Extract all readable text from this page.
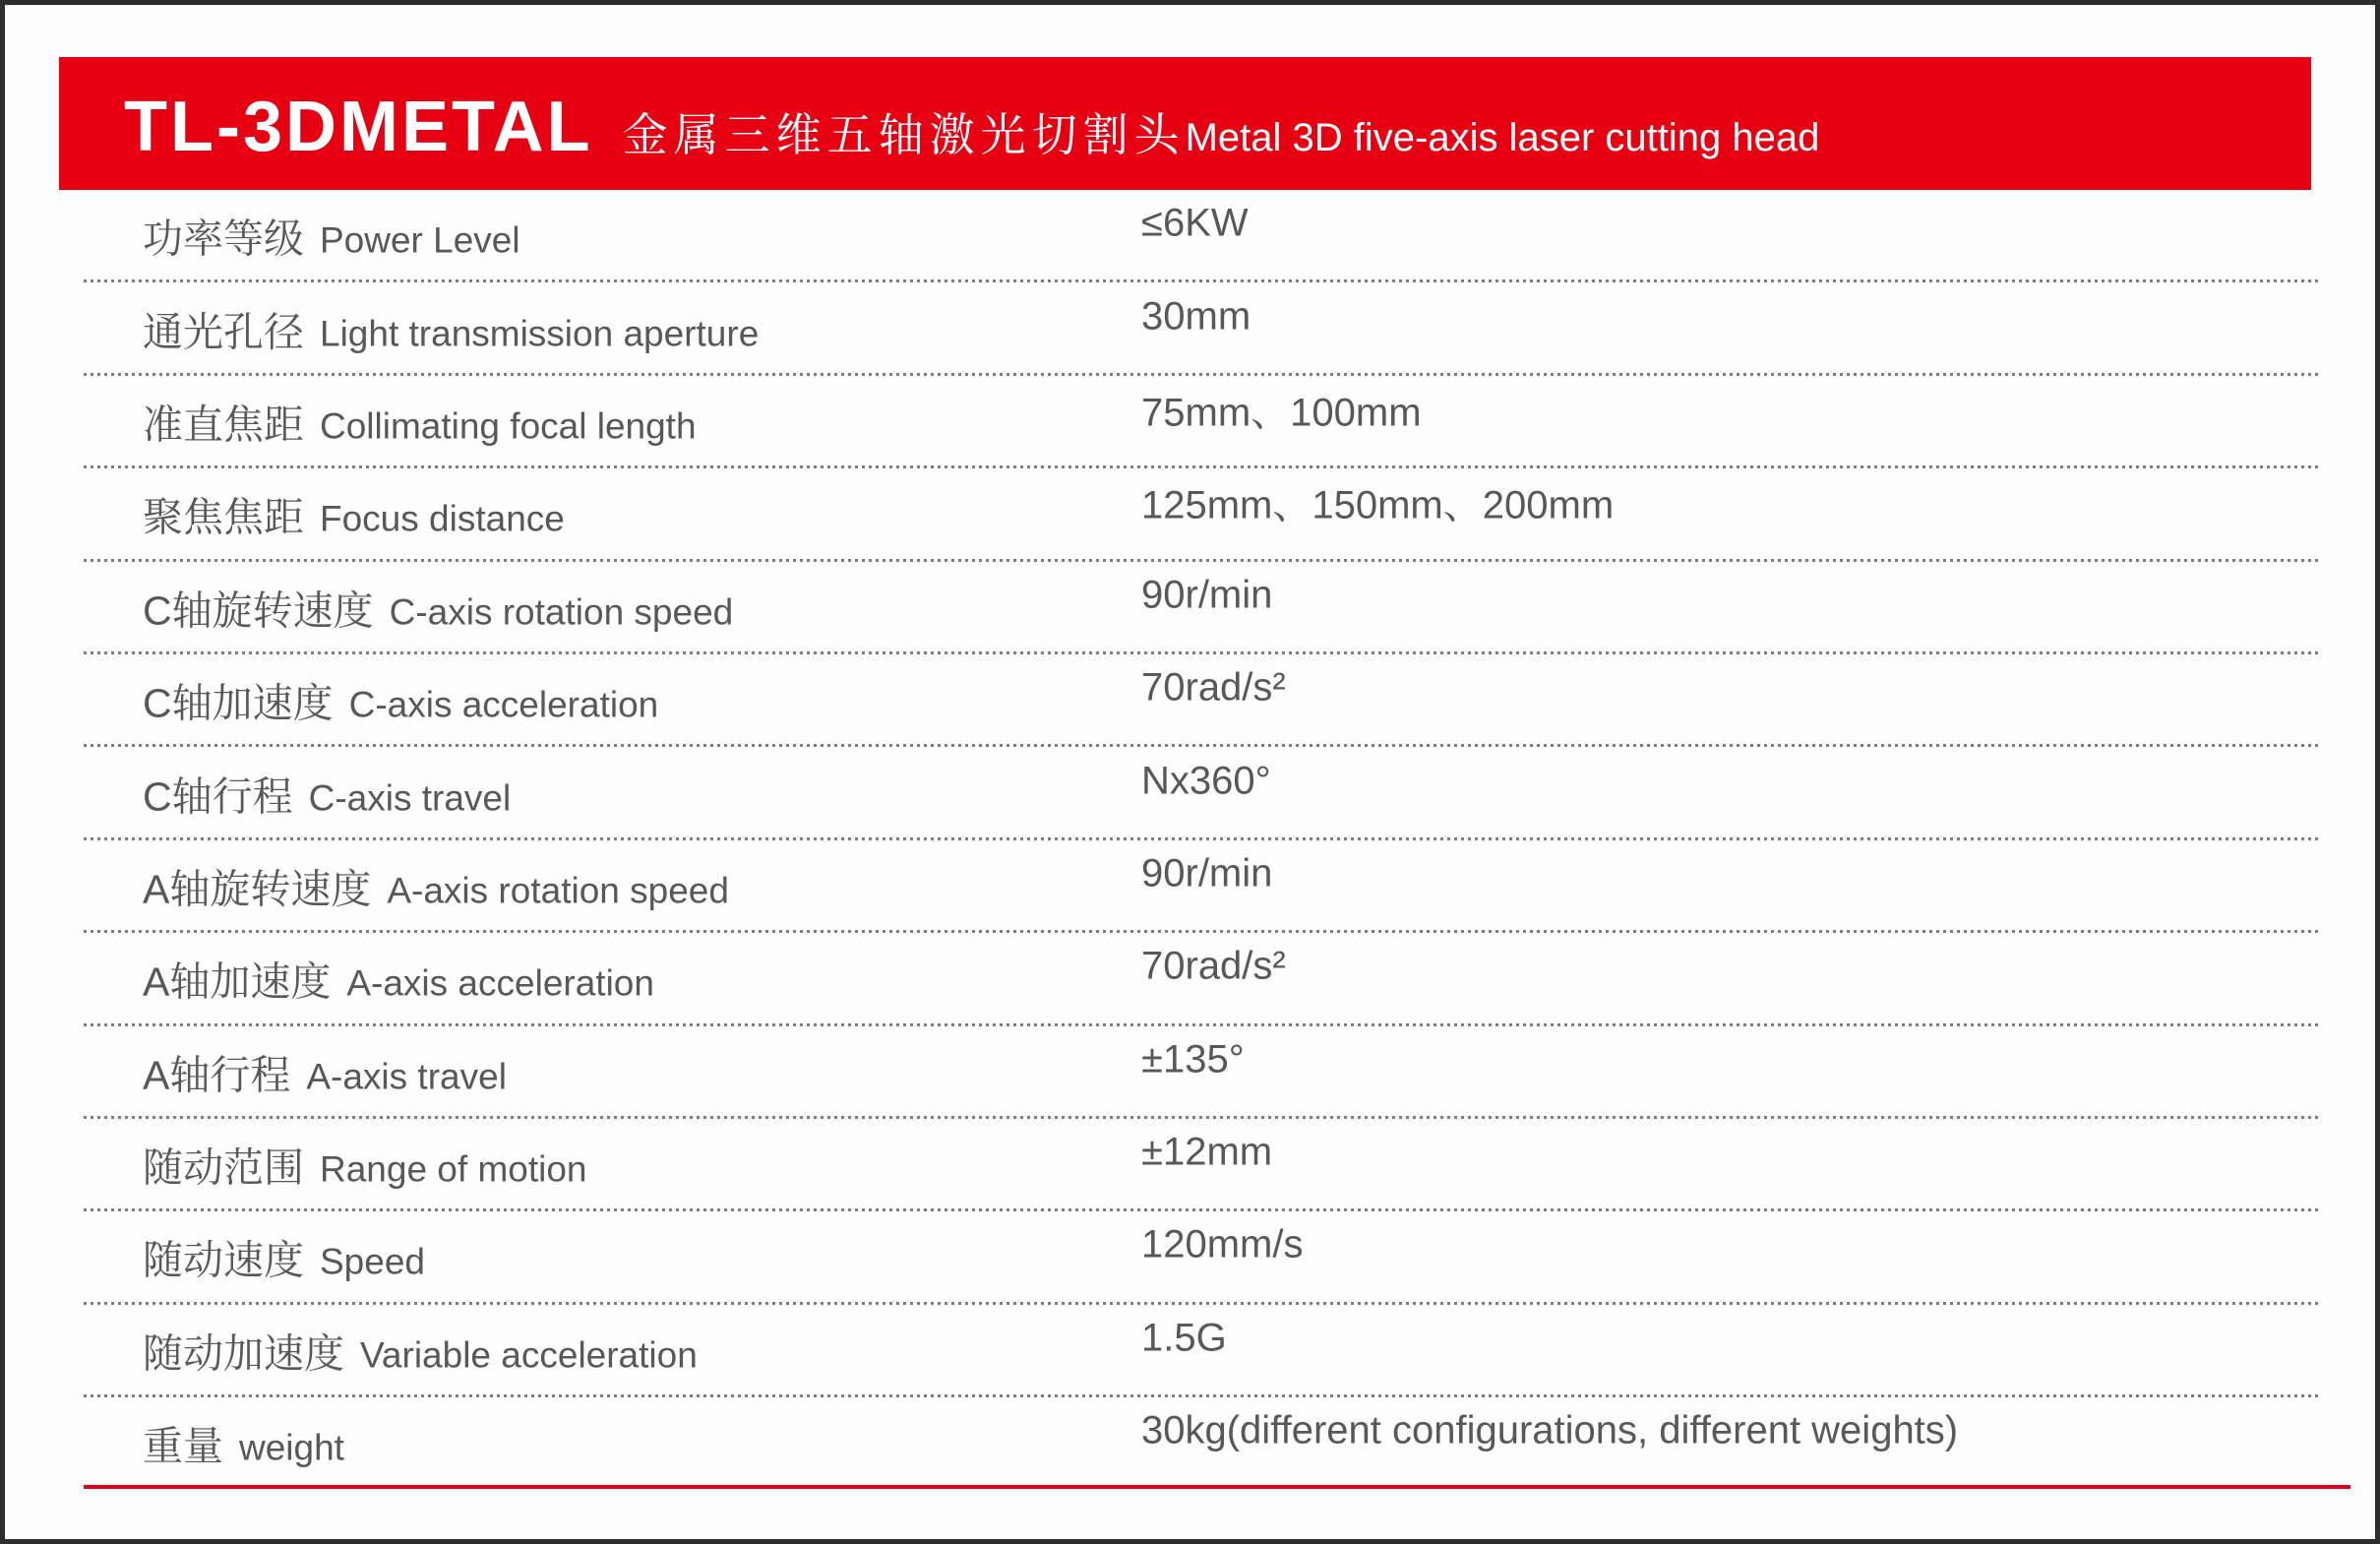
TL-3DMETAL 金属三维五轴激光切割头 Metal 3D five-axis laser cutting head
功率等级 Power Level	≤6KW
通光孔径 Light transmission aperture	30mm
准直焦距 Collimating focal length	75mm、100mm
聚焦焦距 Focus distance	125mm、150mm、200mm
C轴旋转速度 C-axis rotation speed	90r/min
C轴加速度 C-axis acceleration	70rad/s²
C轴行程 C-axis travel	Nx360°
A轴旋转速度 A-axis rotation speed	90r/min
A轴加速度 A-axis acceleration	70rad/s²
A轴行程 A-axis travel	±135°
随动范围 Range of motion	±12mm
随动速度 Speed	120mm/s
随动加速度 Variable acceleration	1.5G
重量 weight	30kg(different configurations, different weights)
